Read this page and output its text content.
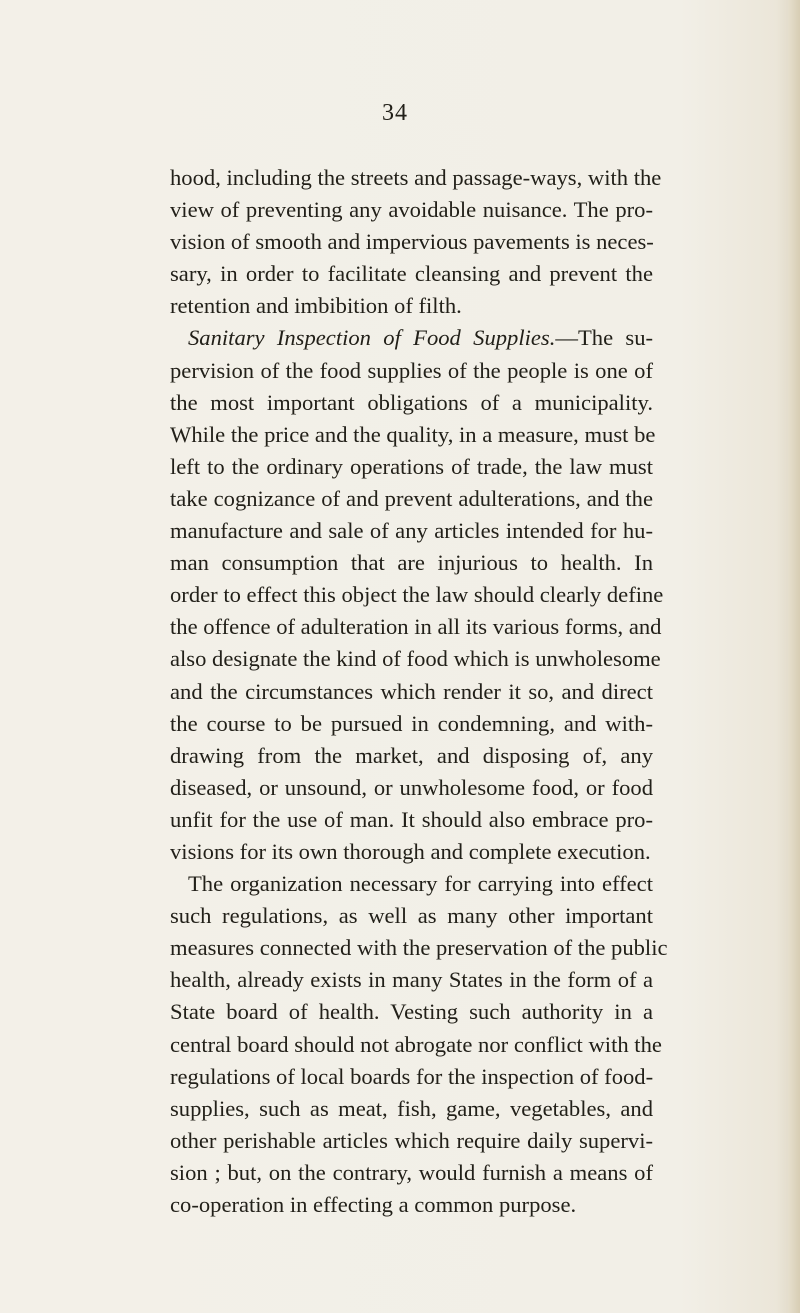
34
hood, including the streets and passage-ways, with the
view of preventing any avoidable nuisance. The pro-
vision of smooth and impervious pavements is neces-
sary, in order to facilitate cleansing and prevent the
retention and imbibition of filth.
Sanitary Inspection of Food Supplies.—The su-
pervision of the food supplies of the people is one of
the most important obligations of a municipality.
While the price and the quality, in a measure, must be
left to the ordinary operations of trade, the law must
take cognizance of and prevent adulterations, and the
manufacture and sale of any articles intended for hu-
man consumption that are injurious to health. In
order to effect this object the law should clearly define
the offence of adulteration in all its various forms, and
also designate the kind of food which is unwholesome
and the circumstances which render it so, and direct
the course to be pursued in condemning, and with-
drawing from the market, and disposing of, any
diseased, or unsound, or unwholesome food, or food
unfit for the use of man. It should also embrace pro-
visions for its own thorough and complete execution.
The organization necessary for carrying into effect
such regulations, as well as many other important
measures connected with the preservation of the public
health, already exists in many States in the form of a
State board of health. Vesting such authority in a
central board should not abrogate nor conflict with the
regulations of local boards for the inspection of food-
supplies, such as meat, fish, game, vegetables, and
other perishable articles which require daily supervi-
sion ; but, on the contrary, would furnish a means of
co-operation in effecting a common purpose.
